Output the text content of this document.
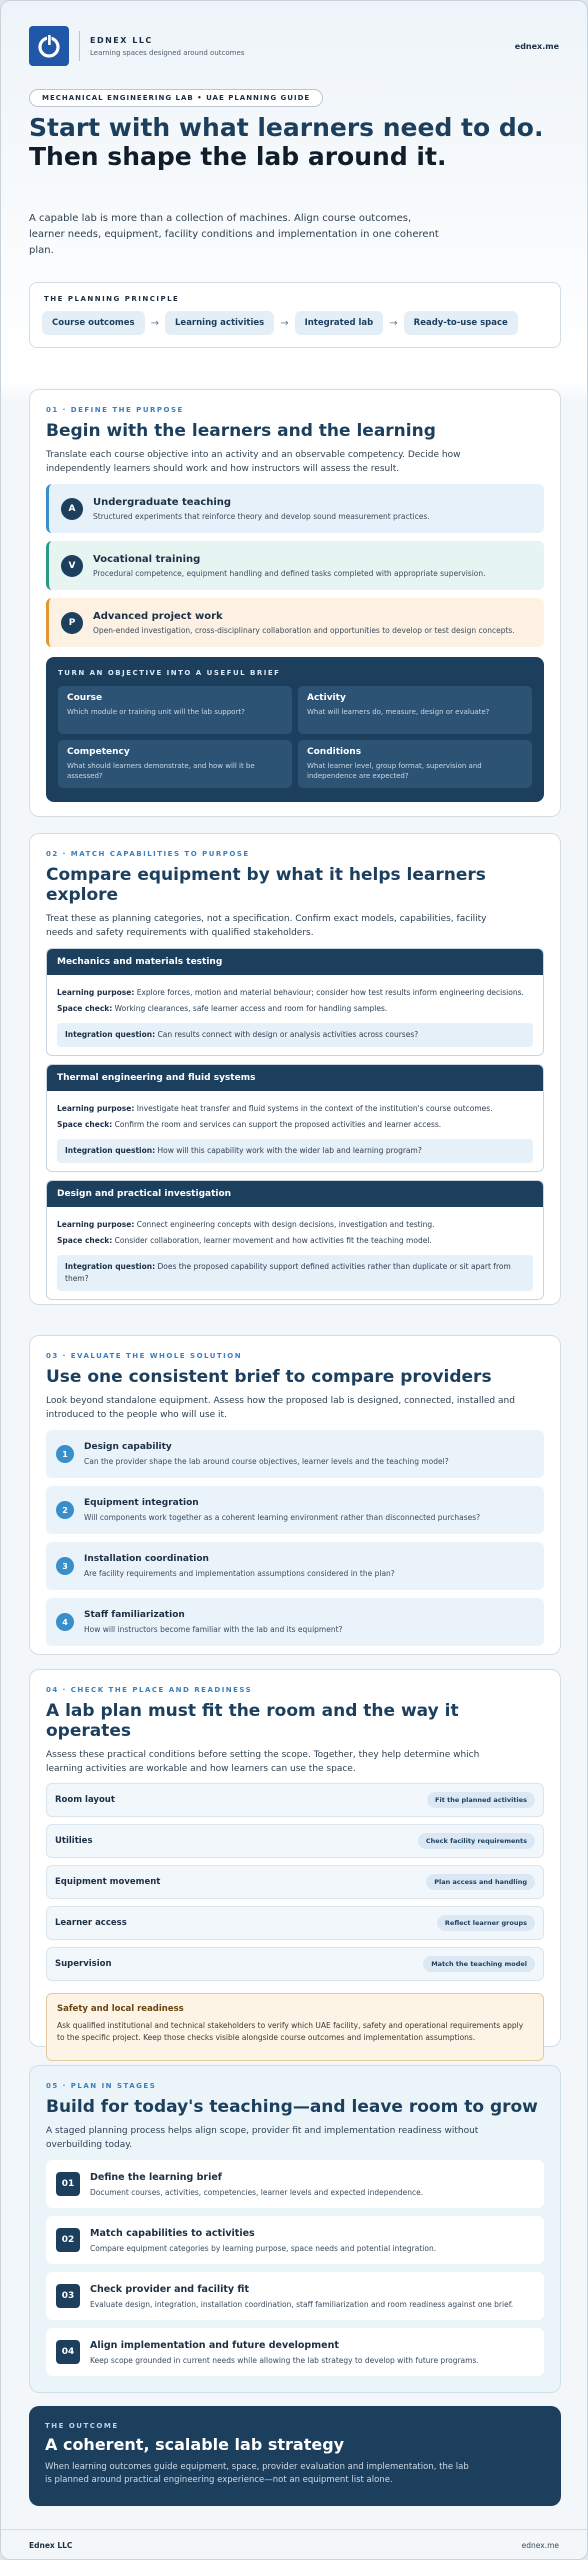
EDNEX LLC
Learning spaces designed around outcomes
ednex.me
MECHANICAL ENGINEERING LAB • UAE PLANNING GUIDE
Start with what learners need to do.
Then shape the lab around it.
A capable lab is more than a collection of machines. Align course outcomes, learner needs, equipment, facility conditions and implementation in one coherent plan.
THE PLANNING PRINCIPLE
Course outcomes	→	Learning activities	→	Integrated lab	→	Ready-to-use space
01 · DEFINE THE PURPOSE
Begin with the learners and the learning
Translate each course objective into an activity and an observable competency. Decide how independently learners should work and how instructors will assess the result.
A
Undergraduate teaching
Structured experiments that reinforce theory and develop sound measurement practices.
V
Vocational training
Procedural competence, equipment handling and defined tasks completed with appropriate supervision.
P
Advanced project work
Open-ended investigation, cross-disciplinary collaboration and opportunities to develop or test design concepts.
TURN AN OBJECTIVE INTO A USEFUL BRIEF
Course
Which module or training unit will the lab support?
Activity
What will learners do, measure, design or evaluate?
Competency
What should learners demonstrate, and how will it be assessed?
Conditions
What learner level, group format, supervision and independence are expected?
02 · MATCH CAPABILITIES TO PURPOSE
Compare equipment by what it helps learners explore
Treat these as planning categories, not a specification. Confirm exact models, capabilities, facility needs and safety requirements with qualified stakeholders.
Mechanics and materials testing
Learning purpose: Explore forces, motion and material behaviour; consider how test results inform engineering decisions.
Space check: Working clearances, safe learner access and room for handling samples.
Integration question: Can results connect with design or analysis activities across courses?
Thermal engineering and fluid systems
Learning purpose: Investigate heat transfer and fluid systems in the context of the institution's course outcomes.
Space check: Confirm the room and services can support the proposed activities and learner access.
Integration question: How will this capability work with the wider lab and learning program?
Design and practical investigation
Learning purpose: Connect engineering concepts with design decisions, investigation and testing.
Space check: Consider collaboration, learner movement and how activities fit the teaching model.
Integration question: Does the proposed capability support defined activities rather than duplicate or sit apart from them?
03 · EVALUATE THE WHOLE SOLUTION
Use one consistent brief to compare providers
Look beyond standalone equipment. Assess how the proposed lab is designed, connected, installed and introduced to the people who will use it.
1
Design capability
Can the provider shape the lab around course objectives, learner levels and the teaching model?
2
Equipment integration
Will components work together as a coherent learning environment rather than disconnected purchases?
3
Installation coordination
Are facility requirements and implementation assumptions considered in the plan?
4
Staff familiarization
How will instructors become familiar with the lab and its equipment?
04 · CHECK THE PLACE AND READINESS
A lab plan must fit the room and the way it operates
Assess these practical conditions before setting the scope. Together, they help determine which learning activities are workable and how learners can use the space.
Room layout	Fit the planned activities
Utilities	Check facility requirements
Equipment movement	Plan access and handling
Learner access	Reflect learner groups
Supervision	Match the teaching model
Safety and local readiness
Ask qualified institutional and technical stakeholders to verify which UAE facility, safety and operational requirements apply to the specific project. Keep those checks visible alongside course outcomes and implementation assumptions.
05 · PLAN IN STAGES
Build for today's teaching—and leave room to grow
A staged planning process helps align scope, provider fit and implementation readiness without overbuilding today.
01
Define the learning brief
Document courses, activities, competencies, learner levels and expected independence.
02
Match capabilities to activities
Compare equipment categories by learning purpose, space needs and potential integration.
03
Check provider and facility fit
Evaluate design, integration, installation coordination, staff familiarization and room readiness against one brief.
04
Align implementation and future development
Keep scope grounded in current needs while allowing the lab strategy to develop with future programs.
THE OUTCOME
A coherent, scalable lab strategy
When learning outcomes guide equipment, space, provider evaluation and implementation, the lab is planned around practical engineering experience—not an equipment list alone.
Ednex LLC	ednex.me
